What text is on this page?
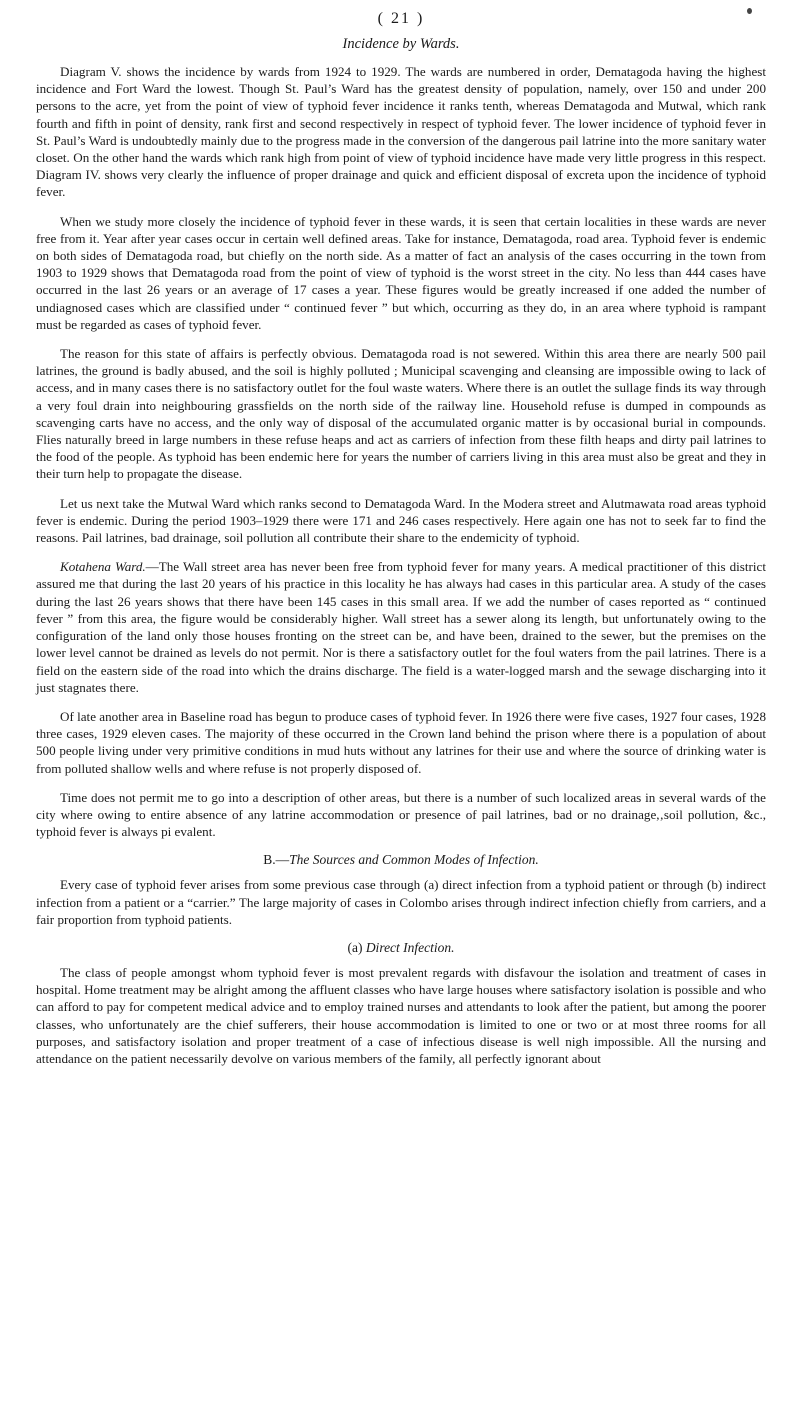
( 21 )
Incidence by Wards.

Diagram V. shows the incidence by wards from 1924 to 1929. The wards are numbered in order, Dematagoda having the highest incidence and Fort Ward the lowest. Though St. Paul’s Ward has the greatest density of population, namely, over 150 and under 200 persons to the acre, yet from the point of view of typhoid fever incidence it ranks tenth, whereas Dematagoda and Mutwal, which rank fourth and fifth in point of density, rank first and second respectively in respect of typhoid fever. The lower incidence of typhoid fever in St. Paul’s Ward is undoubtedly mainly due to the progress made in the conversion of the dangerous pail latrine into the more sanitary water closet. On the other hand the wards which rank high from point of view of typhoid incidence have made very little progress in this respect. Diagram IV. shows very clearly the influence of proper drainage and quick and efficient disposal of excreta upon the incidence of typhoid fever.

When we study more closely the incidence of typhoid fever in these wards, it is seen that certain localities in these wards are never free from it. Year after year cases occur in certain well defined areas. Take for instance, Dematagoda, road area. Typhoid fever is endemic on both sides of Dematagoda road, but chiefly on the north side. As a matter of fact an analysis of the cases occurring in the town from 1903 to 1929 shows that Dematagoda road from the point of view of typhoid is the worst street in the city. No less than 444 cases have occurred in the last 26 years or an average of 17 cases a year. These figures would be greatly increased if one added the number of undiagnosed cases which are classified under “ continued fever ” but which, occurring as they do, in an area where typhoid is rampant must be regarded as cases of typhoid fever.

The reason for this state of affairs is perfectly obvious. Dematagoda road is not sewered. Within this area there are nearly 500 pail latrines, the ground is badly abused, and the soil is highly polluted ; Municipal scavenging and cleansing are impossible owing to lack of access, and in many cases there is no satisfactory outlet for the foul waste waters. Where there is an outlet the sullage finds its way through a very foul drain into neighbouring grassfields on the north side of the railway line. Household refuse is dumped in compounds as scavenging carts have no access, and the only way of disposal of the accumulated organic matter is by occasional burial in compounds. Flies naturally breed in large numbers in these refuse heaps and act as carriers of infection from these filth heaps and dirty pail latrines to the food of the people. As typhoid has been endemic here for years the number of carriers living in this area must also be great and they in their turn help to propagate the disease.

Let us next take the Mutwal Ward which ranks second to Dematagoda Ward. In the Modera street and Alutmawata road areas typhoid fever is endemic. During the period 1903–1929 there were 171 and 246 cases respectively. Here again one has not to seek far to find the reasons. Pail latrines, bad drainage, soil pollution all contribute their share to the endemicity of typhoid.

Kotahena Ward.—The Wall street area has never been free from typhoid fever for many years. A medical practitioner of this district assured me that during the last 20 years of his practice in this locality he has always had cases in this particular area. A study of the cases during the last 26 years shows that there have been 145 cases in this small area. If we add the number of cases reported as “ continued fever ” from this area, the figure would be considerably higher. Wall street has a sewer along its length, but unfortunately owing to the configuration of the land only those houses fronting on the street can be, and have been, drained to the sewer, but the premises on the lower level cannot be drained as levels do not permit. Nor is there a satisfactory outlet for the foul waters from the pail latrines. There is a field on the eastern side of the road into which the drains discharge. The field is a water-logged marsh and the sewage discharging into it just stagnates there.

Of late another area in Baseline road has begun to produce cases of typhoid fever. In 1926 there were five cases, 1927 four cases, 1928 three cases, 1929 eleven cases. The majority of these occurred in the Crown land behind the prison where there is a population of about 500 people living under very primitive conditions in mud huts without any latrines for their use and where the source of drinking water is from polluted shallow wells and where refuse is not properly disposed of.

Time does not permit me to go into a description of other areas, but there is a number of such localized areas in several wards of the city where owing to entire absence of any latrine accommodation or presence of pail latrines, bad or no drainage,‚soil pollution, &c., typhoid fever is always pi evalent.

B.—The Sources and Common Modes of Infection.

Every case of typhoid fever arises from some previous case through (a) direct infection from a typhoid patient or through (b) indirect infection from a patient or a “carrier.” The large majority of cases in Colombo arises through indirect infection chiefly from carriers, and a fair proportion from typhoid patients.

(a) Direct Infection.

The class of people amongst whom typhoid fever is most prevalent regards with disfavour the isolation and treatment of cases in hospital. Home treatment may be alright among the affluent classes who have large houses where satisfactory isolation is possible and who can afford to pay for competent medical advice and to employ trained nurses and attendants to look after the patient, but among the poorer classes, who unfortunately are the chief sufferers, their house accommodation is limited to one or two or at most three rooms for all purposes, and satisfactory isolation and proper treatment of a case of infectious disease is well nigh impossible. All the nursing and attendance on the patient necessarily devolve on various members of the family, all perfectly ignorant about
